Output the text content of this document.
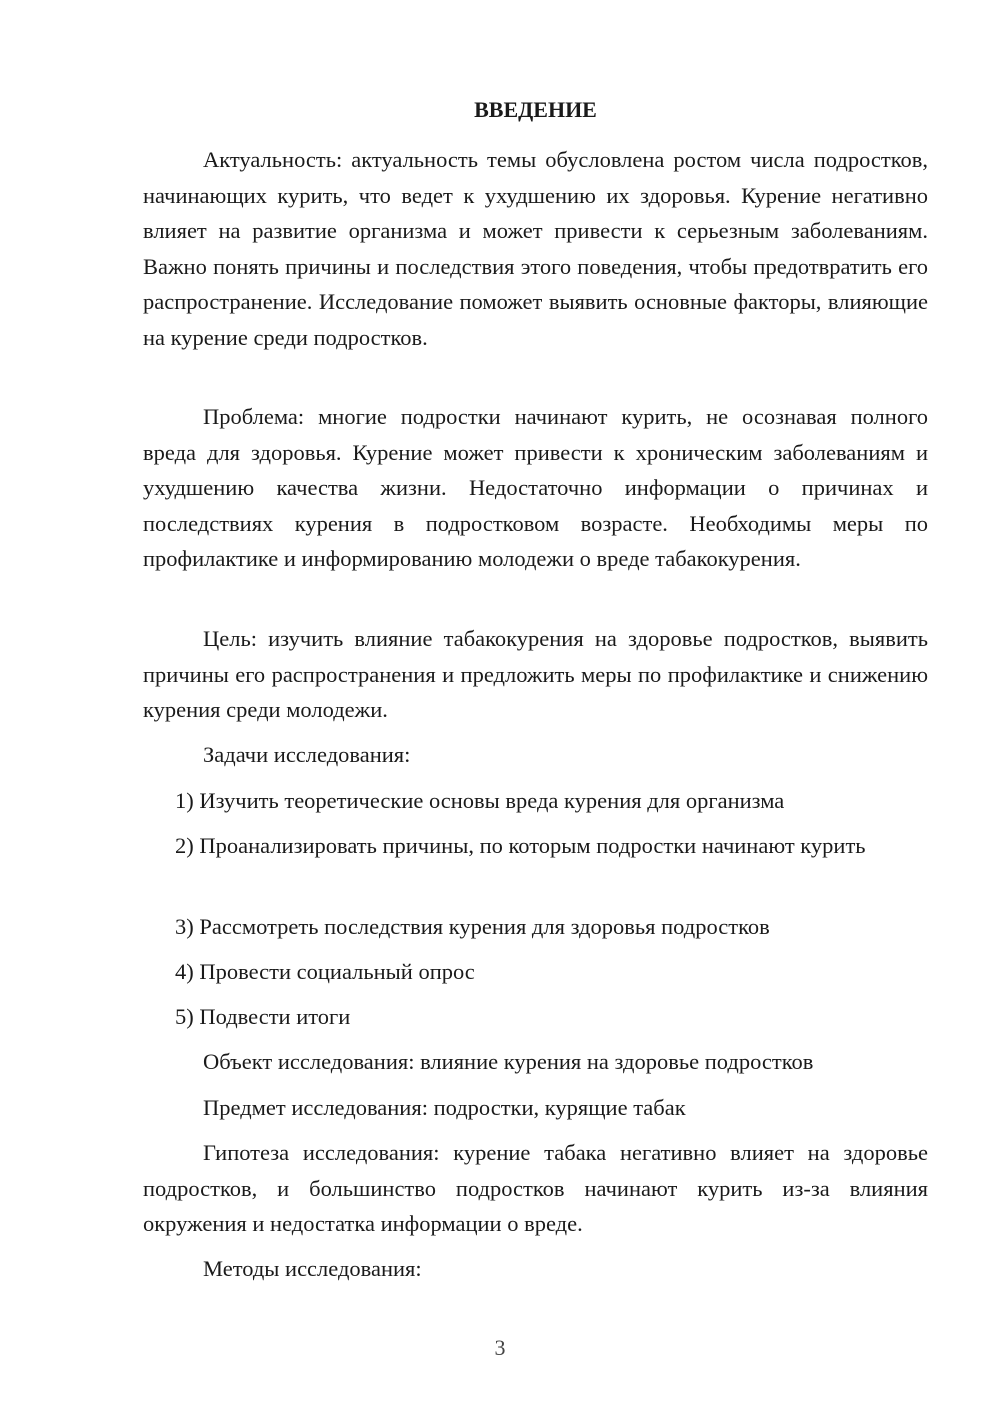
ВВЕДЕНИЕ

Актуальность: актуальность темы обусловлена ростом числа подростков, начинающих курить, что ведет к ухудшению их здоровья. Курение негативно влияет на развитие организма и может привести к серьезным заболеваниям. Важно понять причины и последствия этого поведения, чтобы предотвратить его распространение. Исследование поможет выявить основные факторы, влияющие на курение среди подростков.

Проблема: многие подростки начинают курить, не осознавая полного вреда для здоровья. Курение может привести к хроническим заболеваниям и ухудшению качества жизни. Недостаточно информации о причинах и последствиях курения в подростковом возрасте. Необходимы меры по профилактике и информированию молодежи о вреде табакокурения.

Цель: изучить влияние табакокурения на здоровье подростков, выявить причины его распространения и предложить меры по профилактике и снижению курения среди молодежи.

Задачи исследования:

1) Изучить теоретические основы вреда курения для организма

2) Проанализировать причины, по которым подростки начинают курить

3) Рассмотреть последствия курения для здоровья подростков

4) Провести социальный опрос

5) Подвести итоги

Объект исследования: влияние курения на здоровье подростков

Предмет исследования: подростки, курящие табак

Гипотеза исследования: курение табака негативно влияет на здоровье подростков, и большинство подростков начинают курить из-за влияния окружения и недостатка информации о вреде.

Методы исследования:

3
